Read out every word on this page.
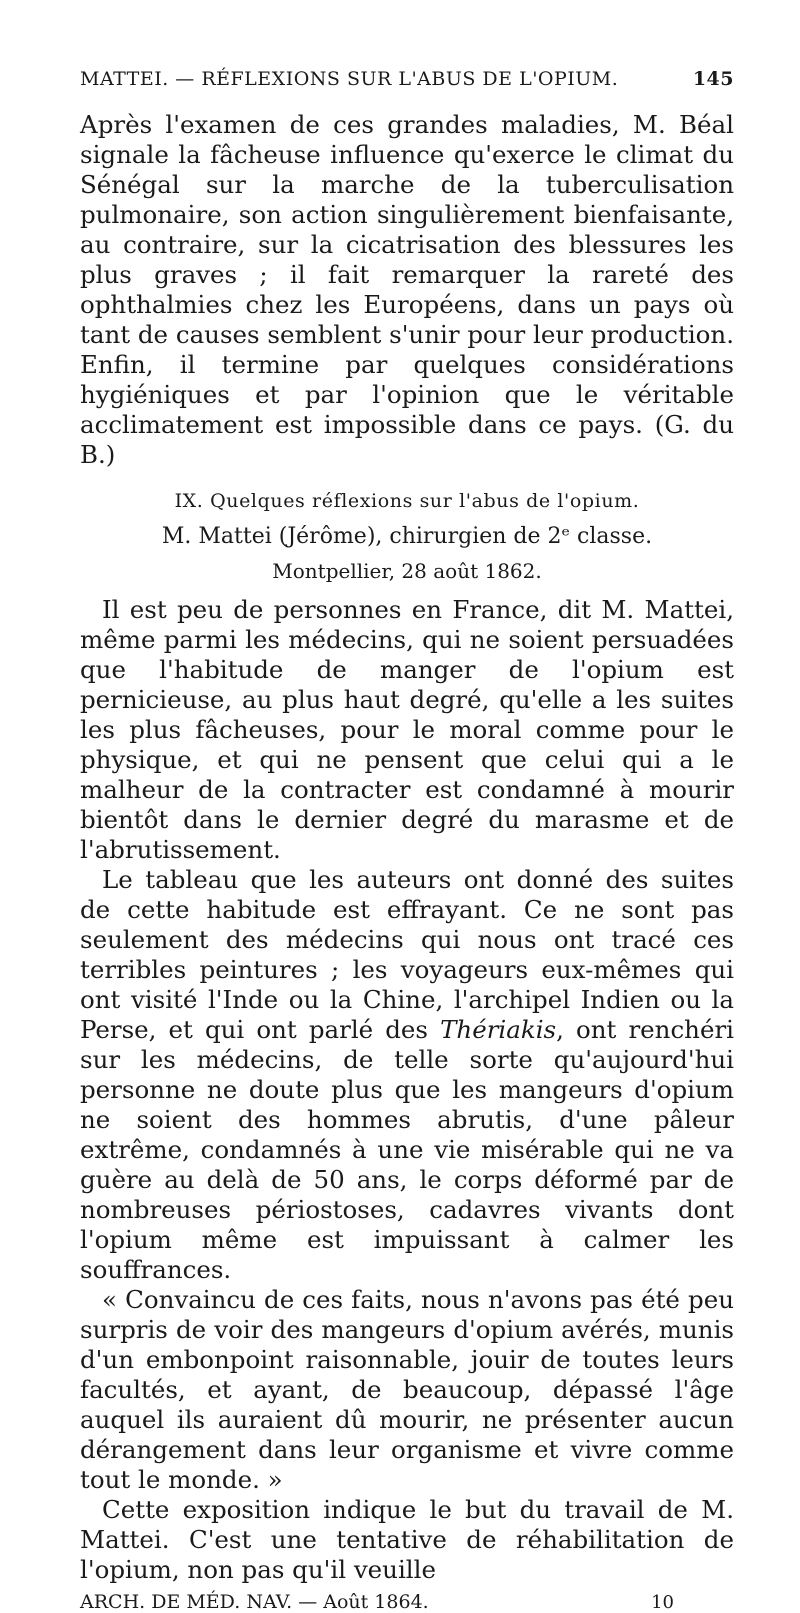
MATTEI. — RÉFLEXIONS SUR L'ABUS DE L'OPIUM.	145

Après l'examen de ces grandes maladies, M. Béal signale la fâcheuse influence qu'exerce le climat du Sénégal sur la marche de la tuberculisation pulmonaire, son action singulièrement bienfaisante, au contraire, sur la cicatrisation des blessures les plus graves ; il fait remarquer la rareté des ophthalmies chez les Européens, dans un pays où tant de causes semblent s'unir pour leur production. Enfin, il termine par quelques considérations hygiéniques et par l'opinion que le véritable acclimatement est impossible dans ce pays. (G. du B.)

IX. Quelques réflexions sur l'abus de l'opium.
M. Mattei (Jérôme), chirurgien de 2ᵉ classe.
Montpellier, 28 août 1862.

Il est peu de personnes en France, dit M. Mattei, même parmi les médecins, qui ne soient persuadées que l'habitude de manger de l'opium est pernicieuse, au plus haut degré, qu'elle a les suites les plus fâcheuses, pour le moral comme pour le physique, et qui ne pensent que celui qui a le malheur de la contracter est condamné à mourir bientôt dans le dernier degré du marasme et de l'abrutissement.

Le tableau que les auteurs ont donné des suites de cette habitude est effrayant. Ce ne sont pas seulement des médecins qui nous ont tracé ces terribles peintures ; les voyageurs eux-mêmes qui ont visité l'Inde ou la Chine, l'archipel Indien ou la Perse, et qui ont parlé des Thériakis, ont renchéri sur les médecins, de telle sorte qu'aujourd'hui personne ne doute plus que les mangeurs d'opium ne soient des hommes abrutis, d'une pâleur extrême, condamnés à une vie misérable qui ne va guère au delà de 50 ans, le corps déformé par de nombreuses périostoses, cadavres vivants dont l'opium même est impuissant à calmer les souffrances.

« Convaincu de ces faits, nous n'avons pas été peu surpris de voir des mangeurs d'opium avérés, munis d'un embonpoint raisonnable, jouir de toutes leurs facultés, et ayant, de beaucoup, dépassé l'âge auquel ils auraient dû mourir, ne présenter aucun dérangement dans leur organisme et vivre comme tout le monde. »

Cette exposition indique le but du travail de M. Mattei. C'est une tentative de réhabilitation de l'opium, non pas qu'il veuille

ARCH. DE MÉD. NAV. — Août 1864.	10
